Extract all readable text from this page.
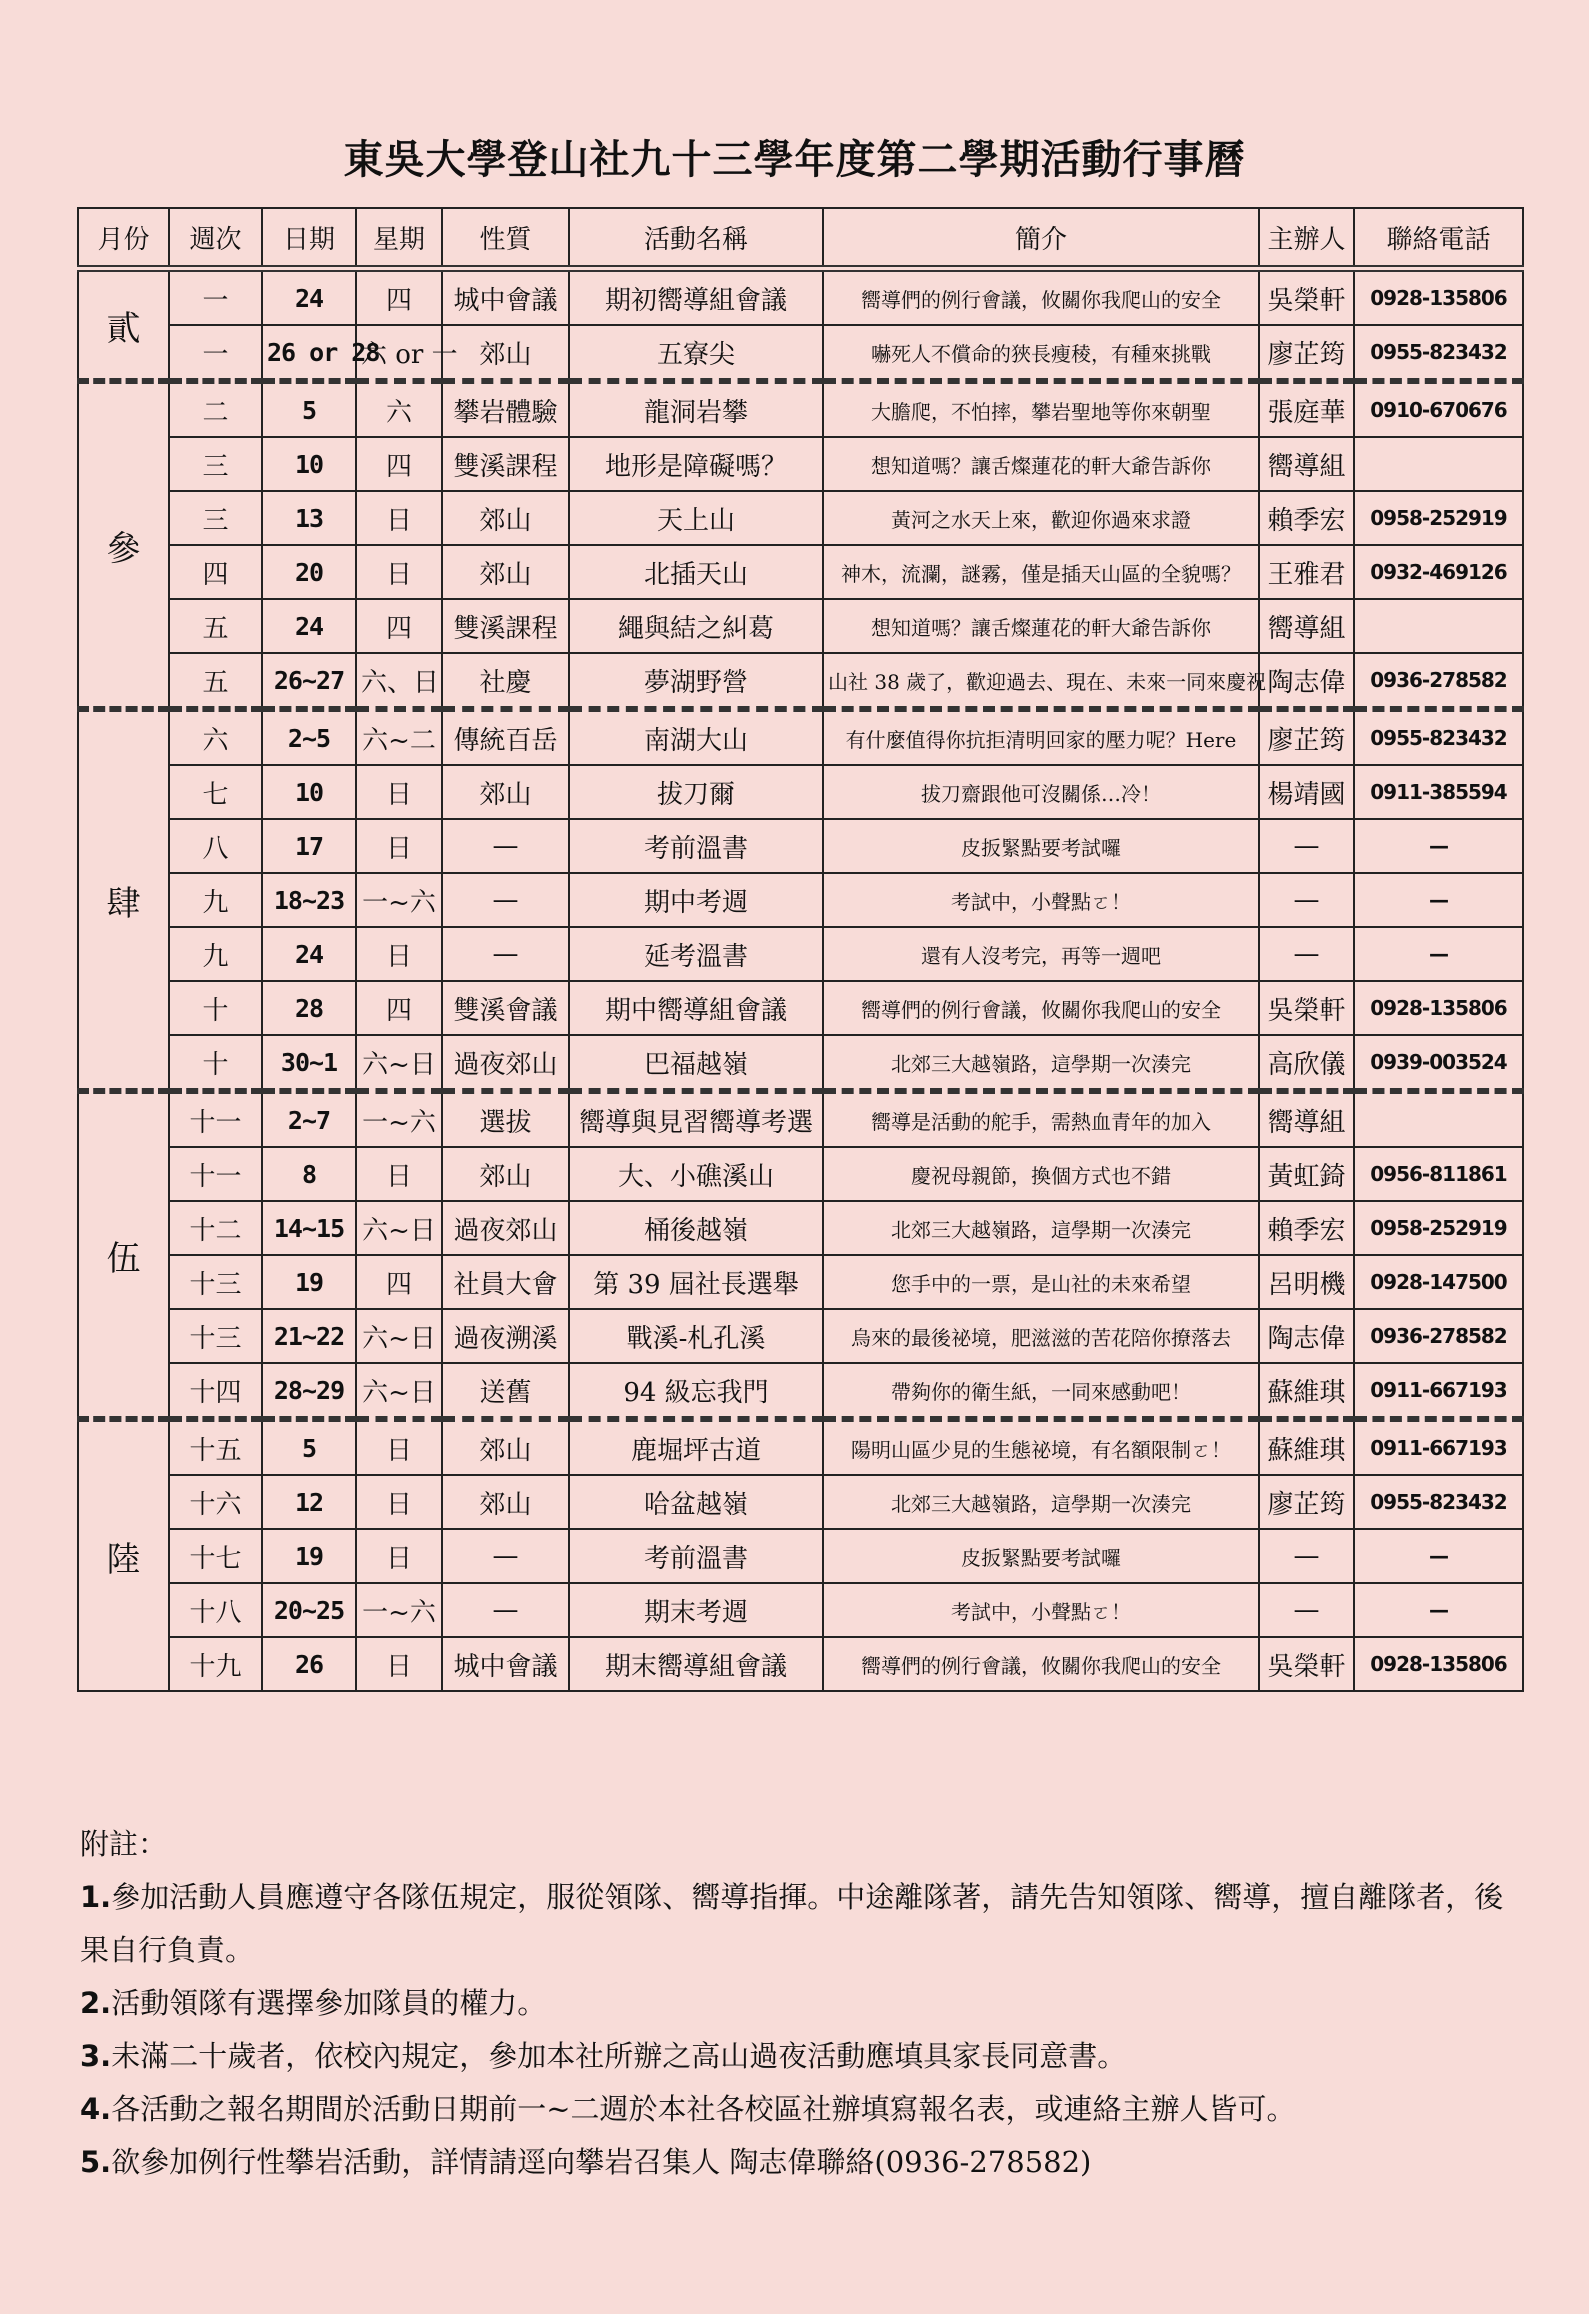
東吳大學登山社九十三學年度第二學期活動行事曆
月份	週次	日期	星期	性質	活動名稱	簡介	主辦人	聯絡電話
貳	一	24	四	城中會議	期初嚮導組會議	嚮導們的例行會議，攸關你我爬山的安全	吳榮軒	0928-135806
	一	26 or 28	六 or 一	郊山	五寮尖	嚇死人不償命的狹長瘦稜，有種來挑戰	廖芷筠	0955-823432
參	二	5	六	攀岩體驗	龍洞岩攀	大膽爬，不怕摔，攀岩聖地等你來朝聖	張庭華	0910-670676
	三	10	四	雙溪課程	地形是障礙嗎？	想知道嗎？讓舌燦蓮花的軒大爺告訴你	嚮導組	
	三	13	日	郊山	天上山	黃河之水天上來，歡迎你過來求證	賴季宏	0958-252919
	四	20	日	郊山	北插天山	神木，流瀾，謎霧，僅是插天山區的全貌嗎？	王雅君	0932-469126
	五	24	四	雙溪課程	繩與結之糾葛	想知道嗎？讓舌燦蓮花的軒大爺告訴你	嚮導組	
	五	26~27	六、日	社慶	夢湖野營	山社 38 歲了，歡迎過去、現在、未來一同來慶祝	陶志偉	0936-278582
肆	六	2~5	六~二	傳統百岳	南湖大山	有什麼值得你抗拒清明回家的壓力呢？Here	廖芷筠	0955-823432
	七	10	日	郊山	拔刀爾	拔刀齋跟他可沒關係…冷！	楊靖國	0911-385594
	八	17	日	—	考前溫書	皮扳緊點要考試囉	—	—
	九	18~23	一~六	—	期中考週	考試中，小聲點ㄛ！	—	—
	九	24	日	—	延考溫書	還有人沒考完，再等一週吧	—	—
	十	28	四	雙溪會議	期中嚮導組會議	嚮導們的例行會議，攸關你我爬山的安全	吳榮軒	0928-135806
	十	30~1	六~日	過夜郊山	巴福越嶺	北郊三大越嶺路，這學期一次湊完	高欣儀	0939-003524
伍	十一	2~7	一~六	選拔	嚮導與見習嚮導考選	嚮導是活動的舵手，需熱血青年的加入	嚮導組	
	十一	8	日	郊山	大、小礁溪山	慶祝母親節，換個方式也不錯	黃虹錡	0956-811861
	十二	14~15	六~日	過夜郊山	桶後越嶺	北郊三大越嶺路，這學期一次湊完	賴季宏	0958-252919
	十三	19	四	社員大會	第 39 屆社長選舉	您手中的一票，是山社的未來希望	呂明機	0928-147500
	十三	21~22	六~日	過夜溯溪	戰溪-札孔溪	烏來的最後祕境，肥滋滋的苦花陪你撩落去	陶志偉	0936-278582
	十四	28~29	六~日	送舊	94 級忘我門	帶夠你的衛生紙，一同來感動吧！	蘇維琪	0911-667193
陸	十五	5	日	郊山	鹿堀坪古道	陽明山區少見的生態祕境，有名額限制ㄛ！	蘇維琪	0911-667193
	十六	12	日	郊山	哈盆越嶺	北郊三大越嶺路，這學期一次湊完	廖芷筠	0955-823432
	十七	19	日	—	考前溫書	皮扳緊點要考試囉	—	—
	十八	20~25	一~六	—	期末考週	考試中，小聲點ㄛ！	—	—
	十九	26	日	城中會議	期末嚮導組會議	嚮導們的例行會議，攸關你我爬山的安全	吳榮軒	0928-135806
附註：
1.參加活動人員應遵守各隊伍規定，服從領隊、嚮導指揮。中途離隊著，請先告知領隊、嚮導，擅自離隊者，後果自行負責。
2.活動領隊有選擇參加隊員的權力。
3.未滿二十歲者，依校內規定，參加本社所辦之高山過夜活動應填具家長同意書。
4.各活動之報名期間於活動日期前一~二週於本社各校區社辦填寫報名表，或連絡主辦人皆可。
5.欲參加例行性攀岩活動，詳情請逕向攀岩召集人 陶志偉聯絡(0936-278582)
